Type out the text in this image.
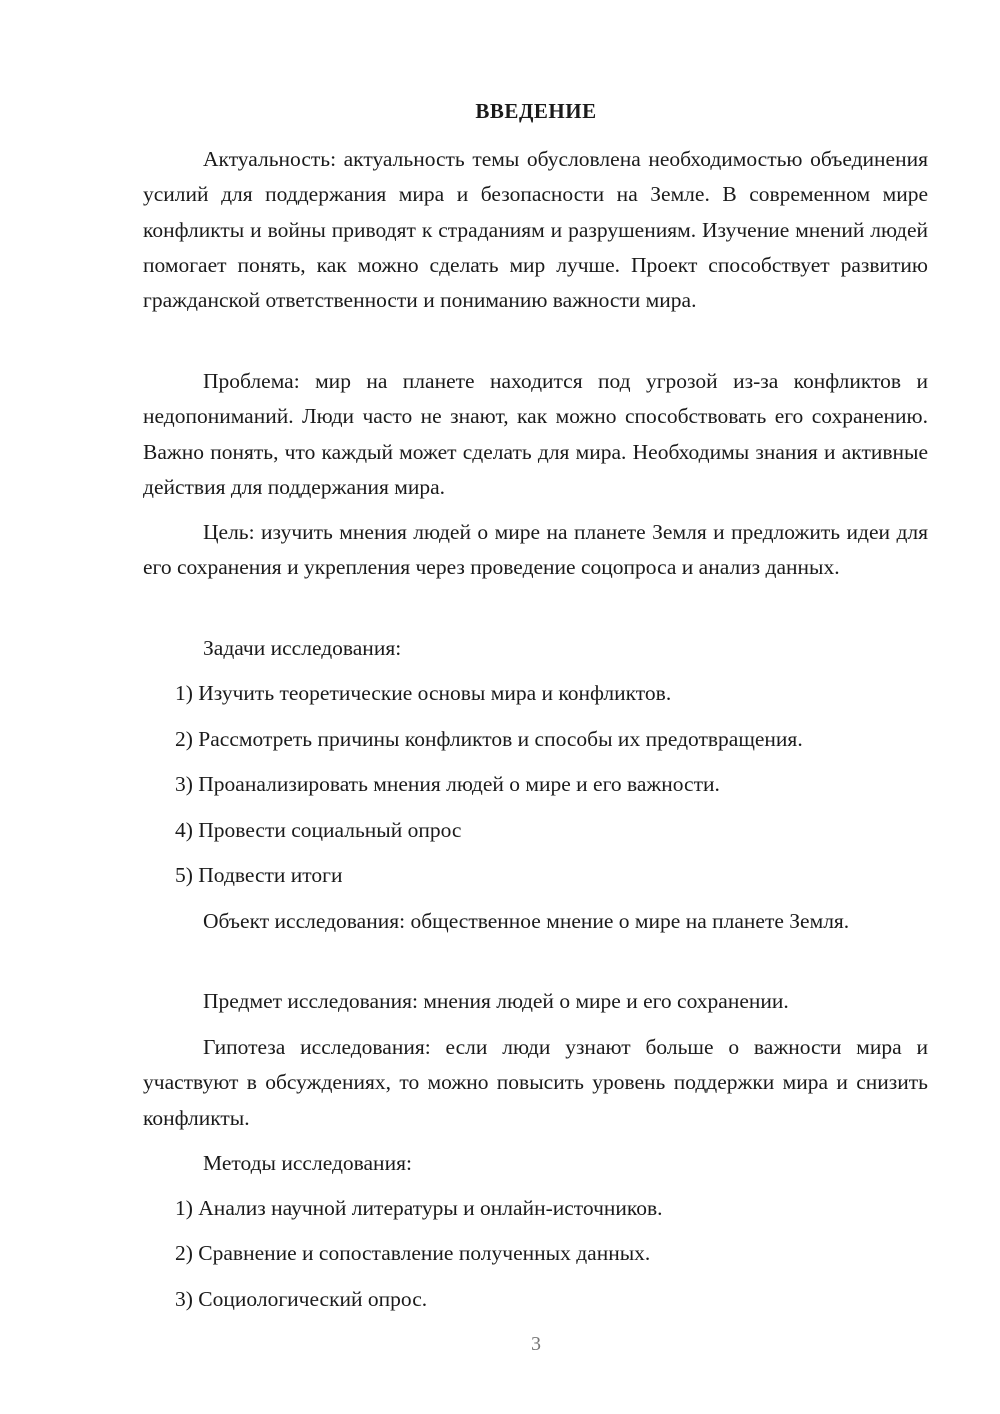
ВВЕДЕНИЕ

Актуальность: актуальность темы обусловлена необходимостью объединения усилий для поддержания мира и безопасности на Земле. В современном мире конфликты и войны приводят к страданиям и разрушениям. Изучение мнений людей помогает понять, как можно сделать мир лучше. Проект способствует развитию гражданской ответственности и пониманию важности мира.

Проблема: мир на планете находится под угрозой из-за конфликтов и недопониманий. Люди часто не знают, как можно способствовать его сохранению. Важно понять, что каждый может сделать для мира. Необходимы знания и активные действия для поддержания мира.

Цель: изучить мнения людей о мире на планете Земля и предложить идеи для его сохранения и укрепления через проведение соцопроса и анализ данных.

Задачи исследования:

1) Изучить теоретические основы мира и конфликтов.

2) Рассмотреть причины конфликтов и способы их предотвращения.

3) Проанализировать мнения людей о мире и его важности.

4) Провести социальный опрос

5) Подвести итоги

Объект исследования: общественное мнение о мире на планете Земля.

Предмет исследования: мнения людей о мире и его сохранении.

Гипотеза исследования: если люди узнают больше о важности мира и участвуют в обсуждениях, то можно повысить уровень поддержки мира и снизить конфликты.

Методы исследования:

1) Анализ научной литературы и онлайн-источников.

2) Сравнение и сопоставление полученных данных.

3) Социологический опрос.

3
